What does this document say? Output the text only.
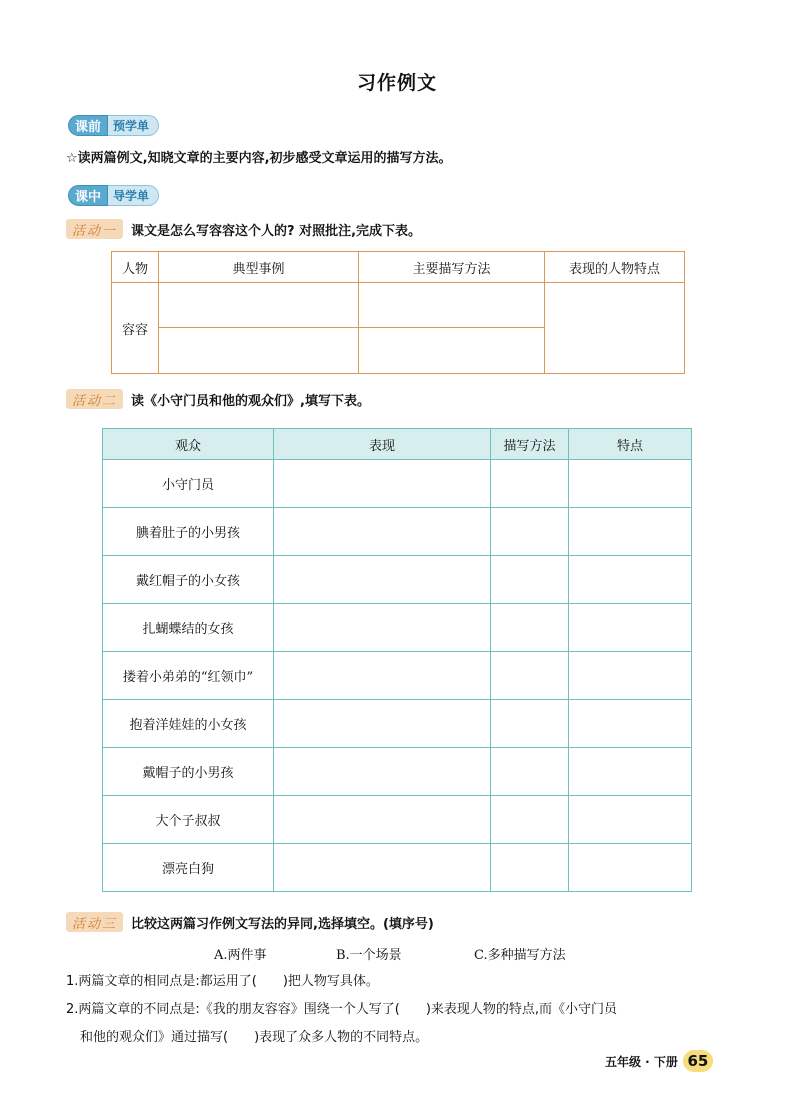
习作例文
课前	预学单
☆读两篇例文,知晓文章的主要内容,初步感受文章运用的描写方法。
课中	导学单
活动一	课文是怎么写容容这个人的? 对照批注,完成下表。
人物	典型事例	主要描写方法	表现的人物特点
容容			

活动二	读《小守门员和他的观众们》,填写下表。
观众	表现	描写方法	特点
小守门员			
腆着肚子的小男孩			
戴红帽子的小女孩			
扎蝴蝶结的女孩			
搂着小弟弟的“红领巾”			
抱着洋娃娃的小女孩			
戴帽子的小男孩			
大个子叔叔			
漂亮白狗			
活动三	比较这两篇习作例文写法的异同,选择填空。(填序号)
A.两件事	B.一个场景	C.多种描写方法
1.两篇文章的相同点是:都运用了(　　)把人物写具体。
2.两篇文章的不同点是:《我的朋友容容》围绕一个人写了(　　)来表现人物的特点,而《小守门员
和他的观众们》通过描写(　　)表现了众多人物的不同特点。
五年级 · 下册 65
